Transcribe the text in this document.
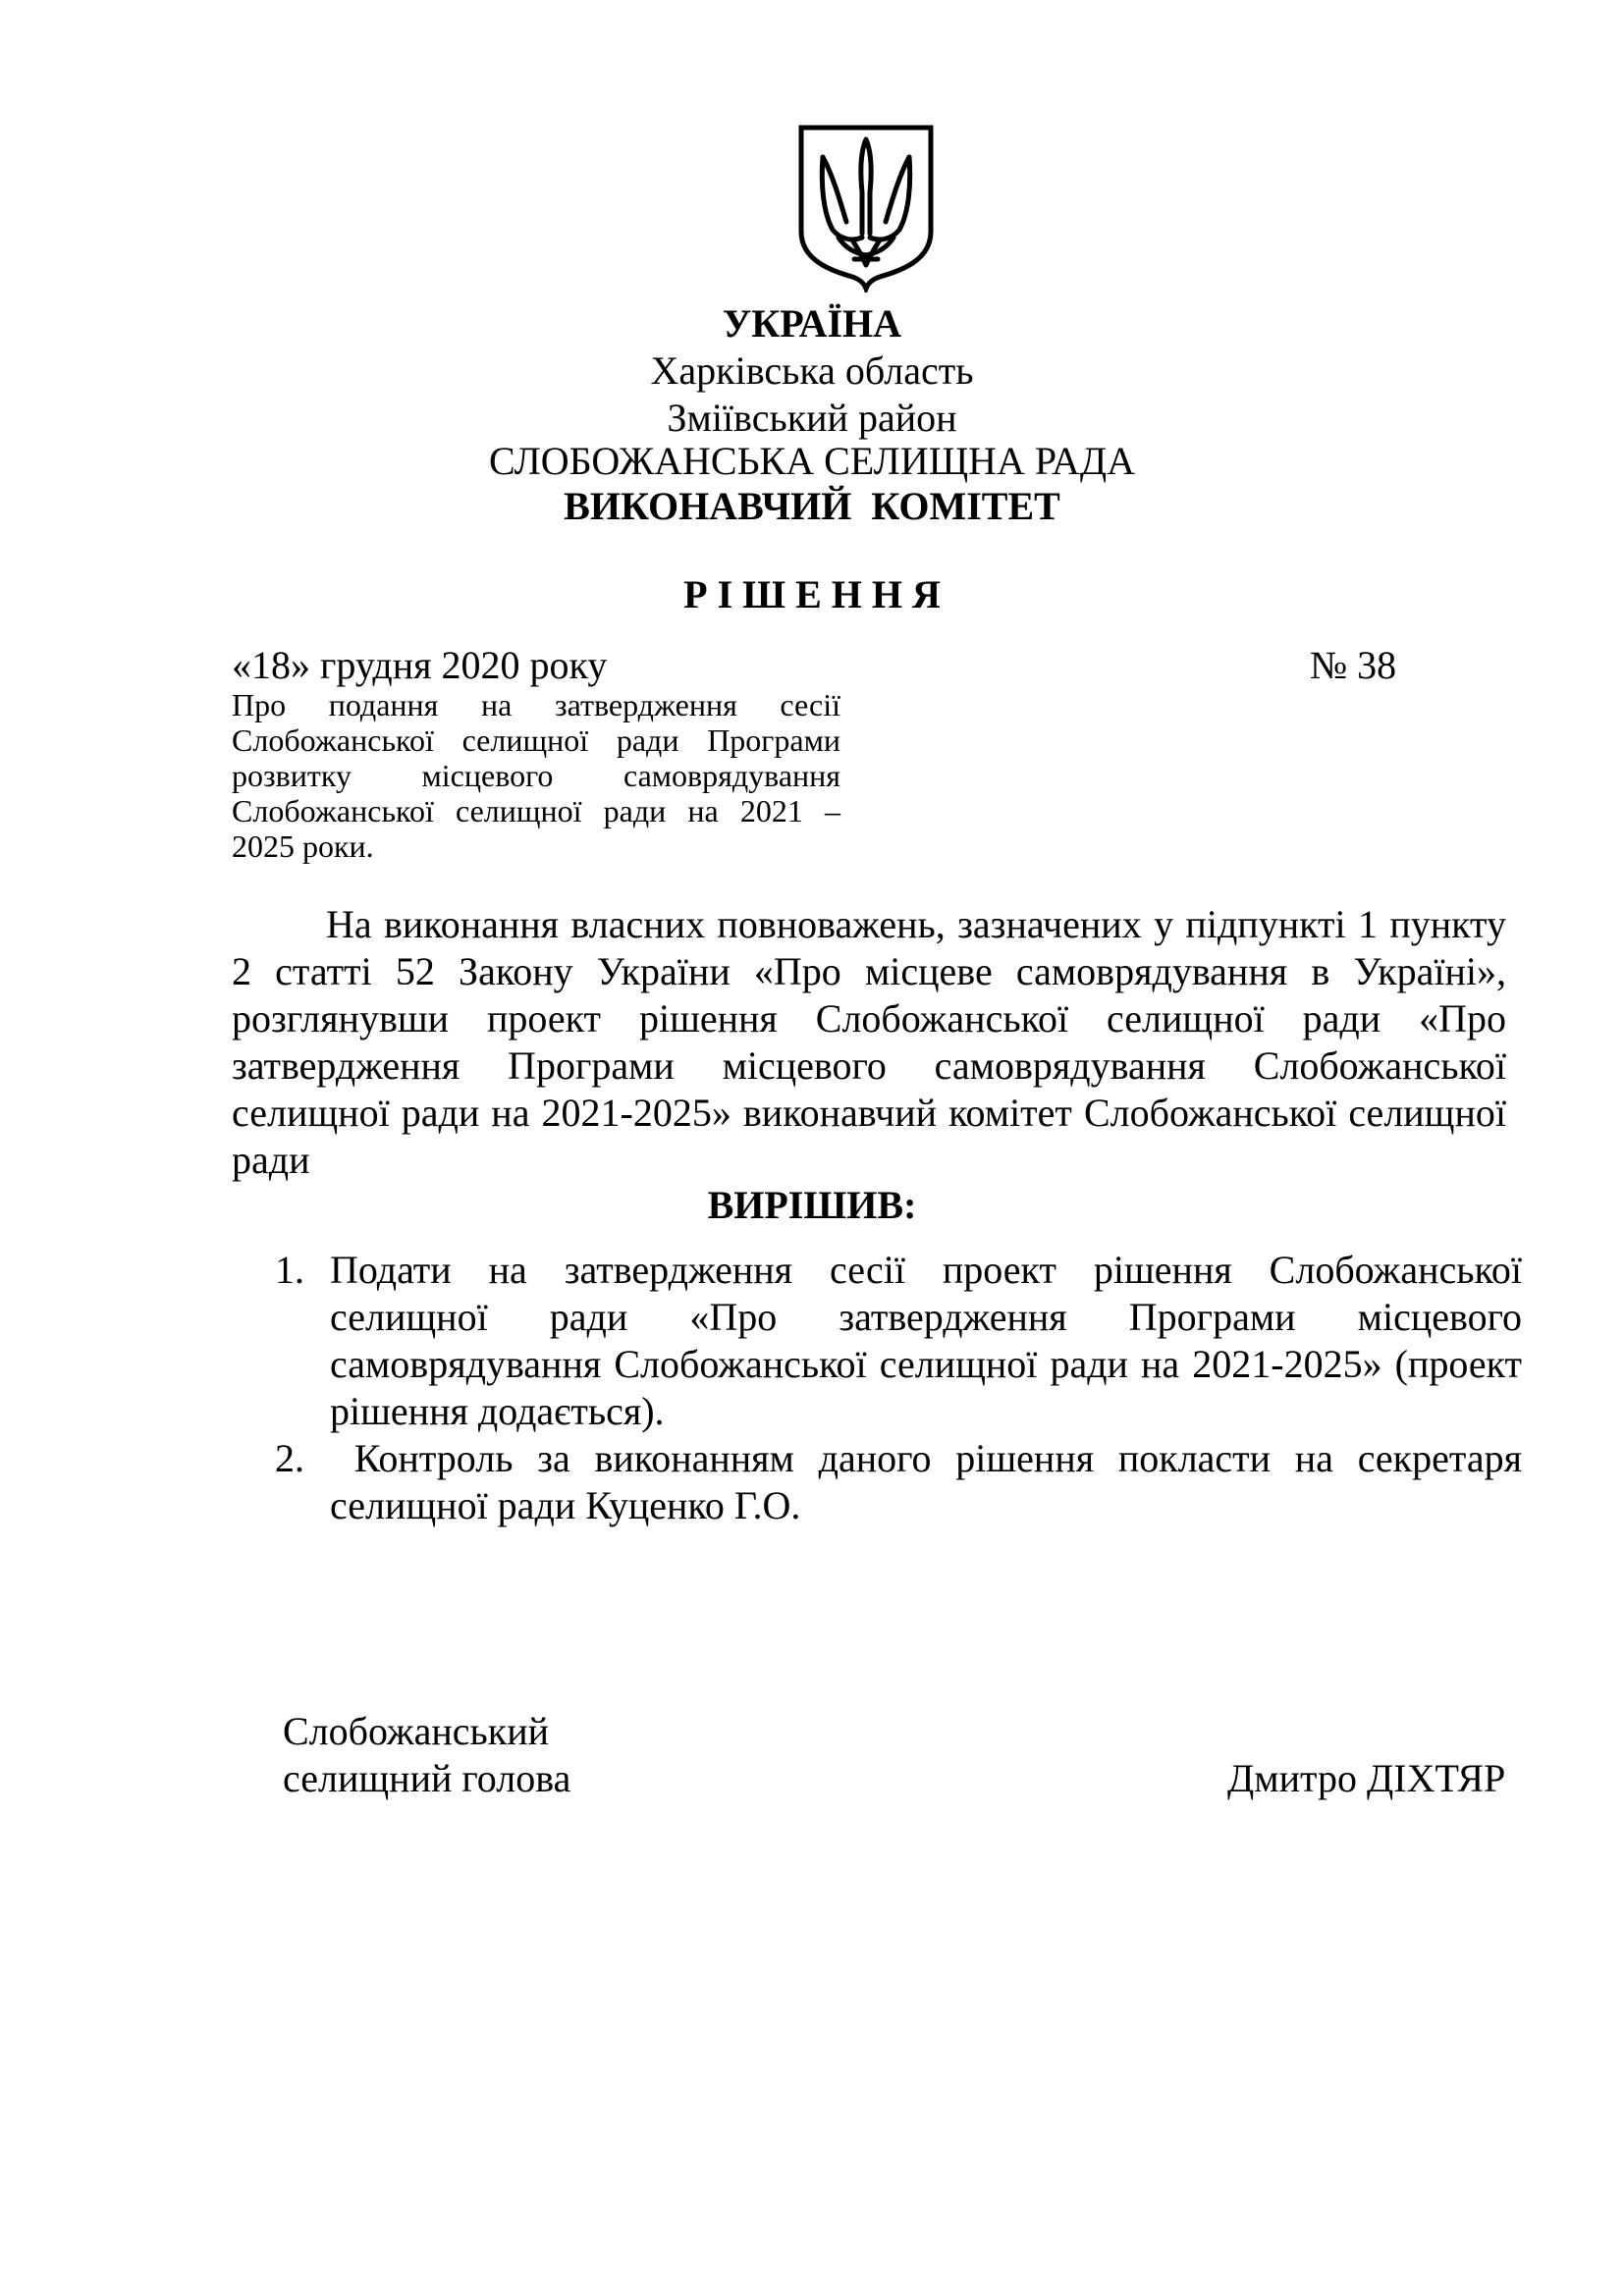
УКРАЇНА
Харківська область
Зміївський район
СЛОБОЖАНСЬКА СЕЛИЩНА РАДА
ВИКОНАВЧИЙ  КОМІТЕТ
Р І Ш Е Н Н Я
«18» грудня 2020 року	№ 38
Про подання на затвердження сесії Слобожанської селищної ради Програми розвитку місцевого самоврядування Слобожанської селищної ради на 2021 – 2025 роки.
На виконання власних повноважень, зазначених у підпункті 1 пункту 2 статті 52 Закону України «Про місцеве самоврядування в Україні», розглянувши проект рішення Слобожанської селищної ради «Про затвердження Програми місцевого самоврядування Слобожанської селищної ради на 2021-2025» виконавчий комітет Слобожанської селищної ради
ВИРІШИВ:
1. Подати на затвердження сесії проект рішення Слобожанської селищної ради «Про затвердження Програми місцевого самоврядування Слобожанської селищної ради на 2021-2025» (проект рішення додається).
2. Контроль за виконанням даного рішення покласти на секретаря селищної ради Куценко Г.О.
Слобожанський
селищний голова	Дмитро ДІХТЯР
